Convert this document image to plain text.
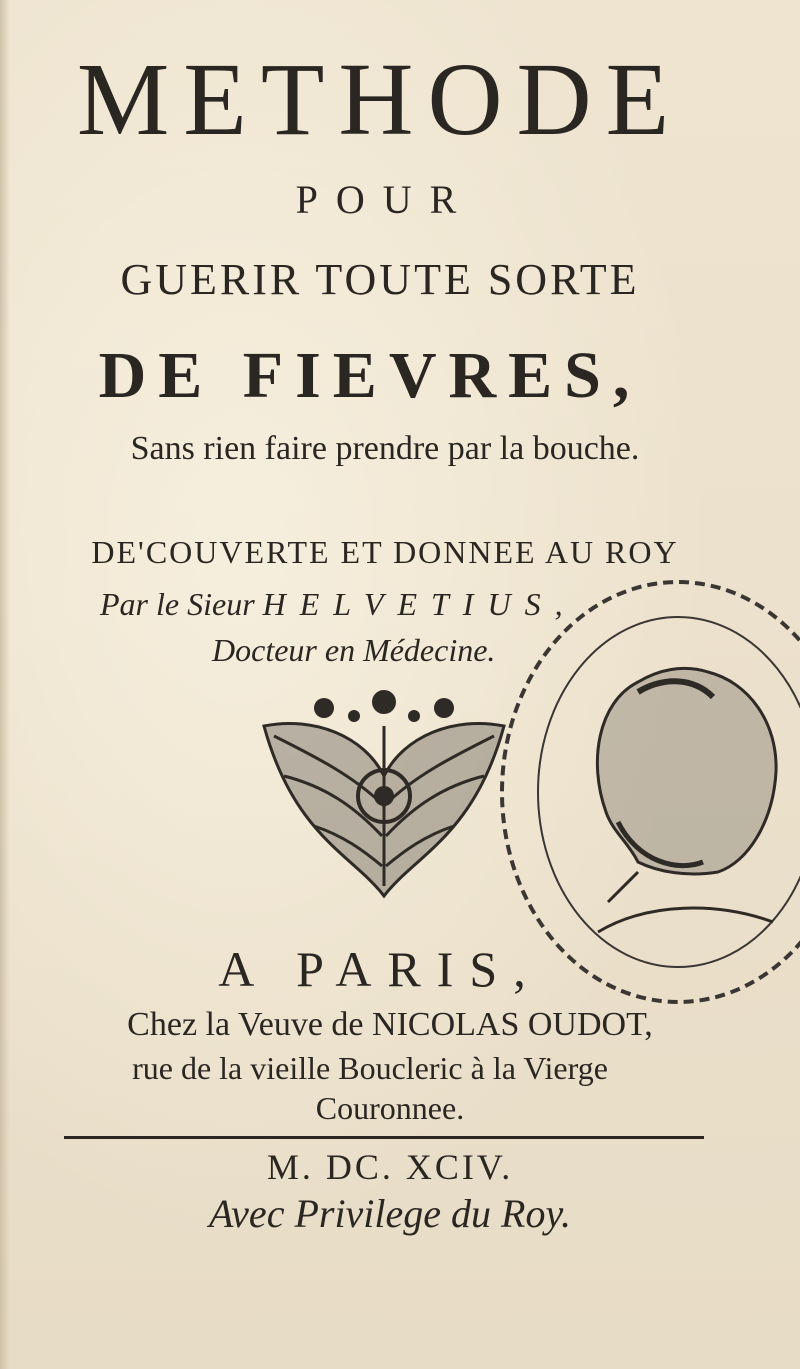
METHODE
POUR
GUERIR TOUTE SORTE
DE FIEVRES,
Sans rien faire prendre par la bouche.
DE'COUVERTE ET DONNEE AU ROY
Par le Sieur HELVETIUS,
Docteur en Médecine.
A PARIS,
Chez la Veuve de NICOLAS OUDOT,
rue de la vieille Boucleric à la Vierge
Couronnee.
M. DC. XCIV.
Avec Privilege du Roy.
